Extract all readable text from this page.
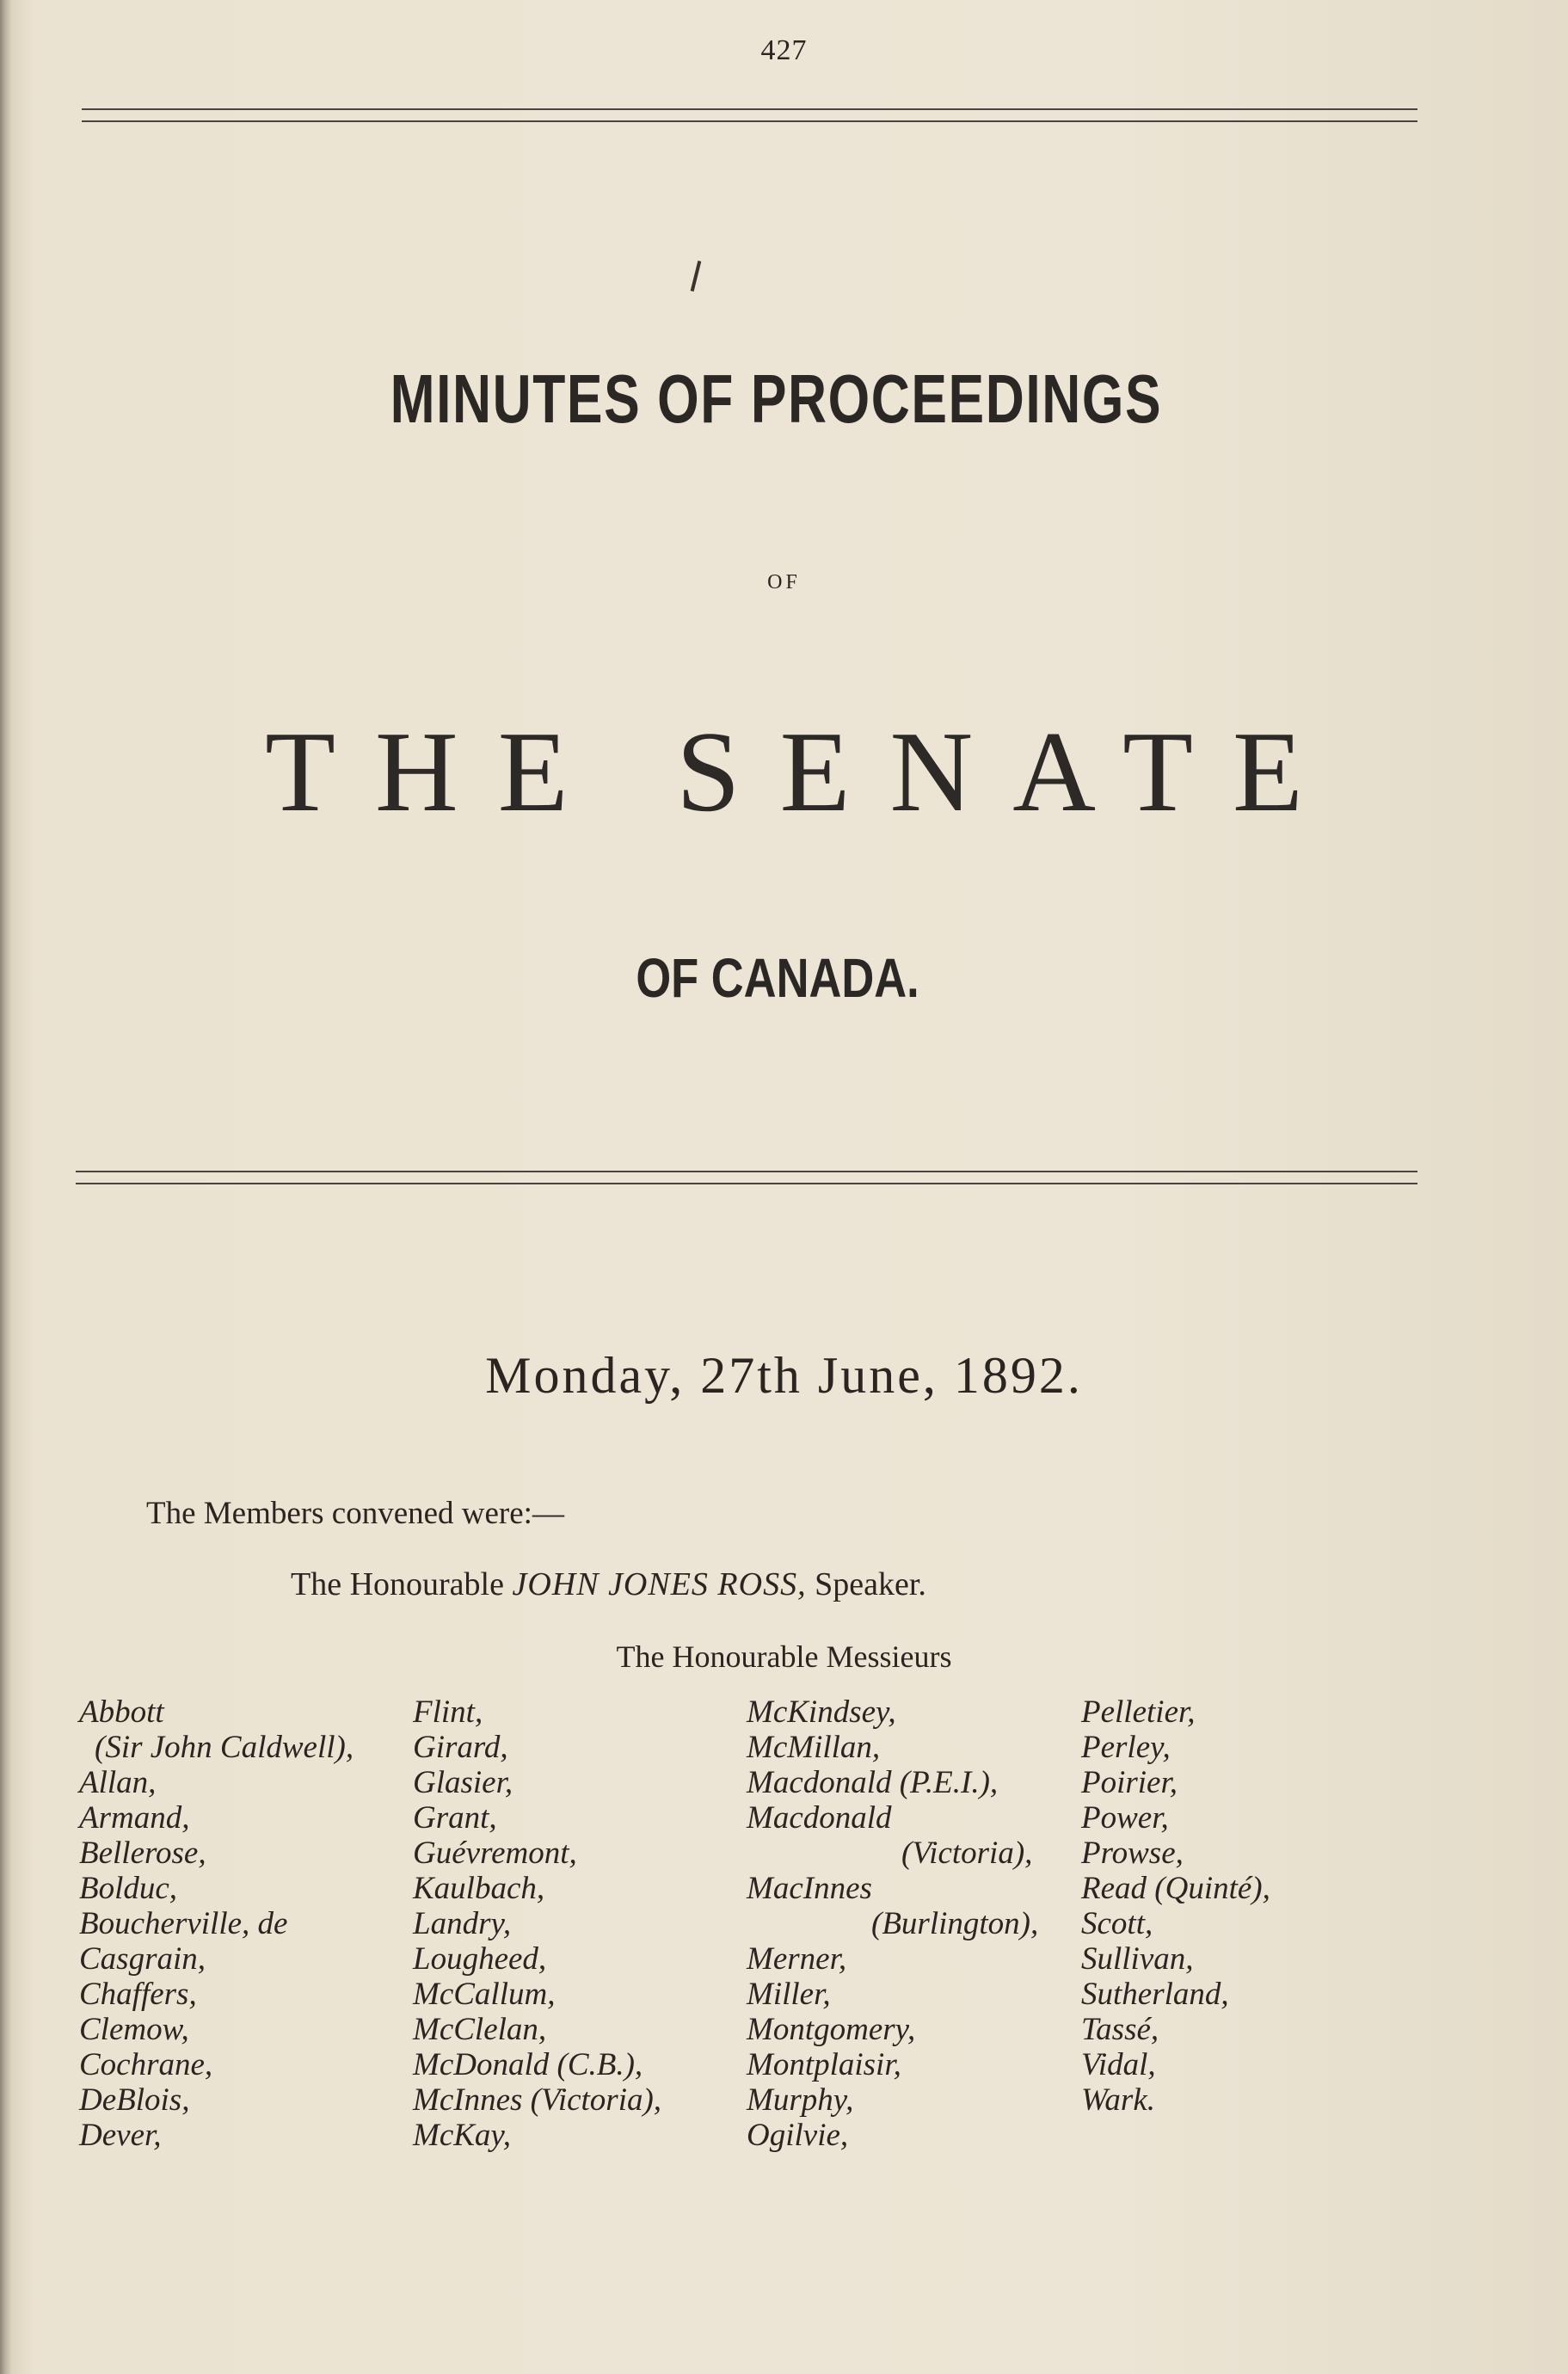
427
MINUTES OF PROCEEDINGS
OF
THE SENATE
OF CANADA.
Monday, 27th June, 1892.
The Members convened were:—
The Honourable JOHN JONES ROSS, Speaker.
The Honourable Messieurs
Abbott
(Sir John Caldwell),
Allan,
Armand,
Bellerose,
Bolduc,
Boucherville, de
Casgrain,
Chaffers,
Clemow,
Cochrane,
DeBlois,
Dever,
Flint,
Girard,
Glasier,
Grant,
Guévremont,
Kaulbach,
Landry,
Lougheed,
McCallum,
McClelan,
McDonald (C.B.),
McInnes (Victoria),
McKay,
McKindsey,
McMillan,
Macdonald (P.E.I.),
Macdonald
(Victoria),
MacInnes
(Burlington),
Merner,
Miller,
Montgomery,
Montplaisir,
Murphy,
Ogilvie,
Pelletier,
Perley,
Poirier,
Power,
Prowse,
Read (Quinté),
Scott,
Sullivan,
Sutherland,
Tassé,
Vidal,
Wark.
